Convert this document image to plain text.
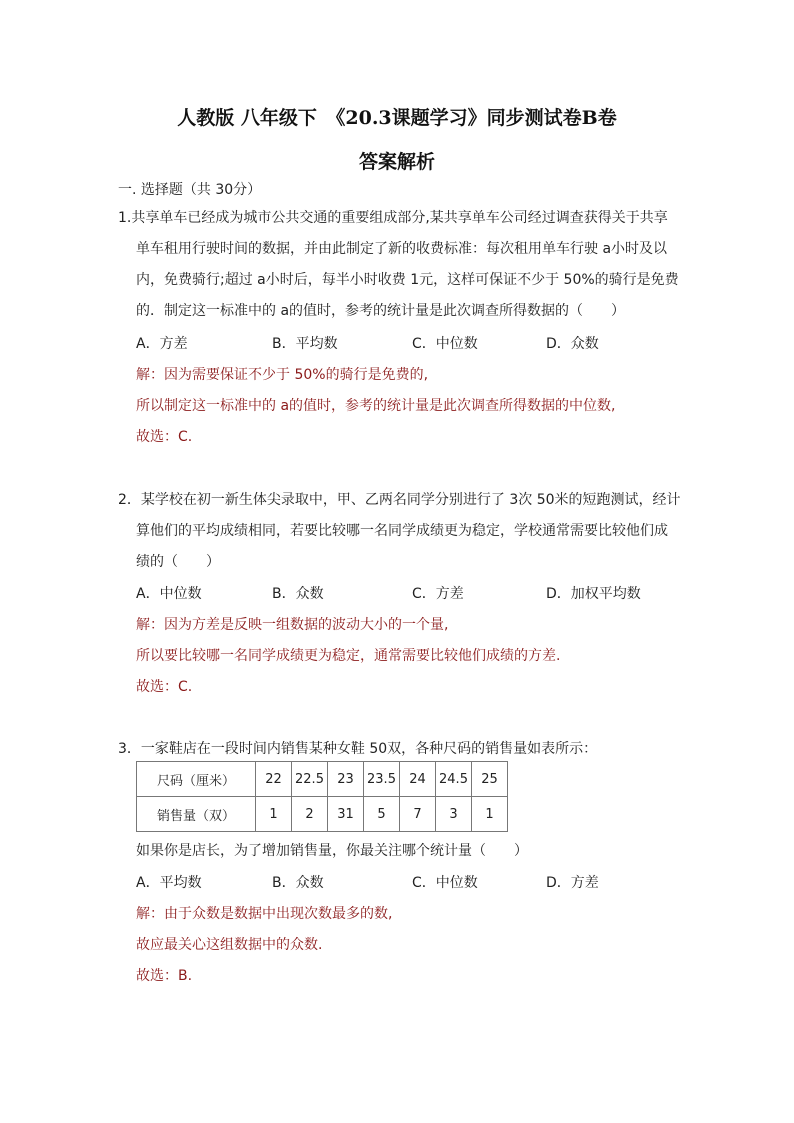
人教版 八年级下　《20.3课题学习》同步测试卷B卷
答案解析
一. 选择题（共 30分）
1.共享单车已经成为城市公共交通的重要组成部分,某共享单车公司经过调查获得关于共享
单车租用行驶时间的数据，并由此制定了新的收费标准：每次租用单车行驶 a小时及以
内，免费骑行;超过 a小时后，每半小时收费 1元，这样可保证不少于 50%的骑行是免费
的．制定这一标准中的 a的值时，参考的统计量是此次调查所得数据的（　　）
A．方差	B．平均数	C．中位数	D．众数
解：因为需要保证不少于 50%的骑行是免费的,
所以制定这一标准中的 a的值时，参考的统计量是此次调查所得数据的中位数,
故选：C.
2．某学校在初一新生体尖录取中，甲、乙两名同学分别进行了 3次 50米的短跑测试，经计
算他们的平均成绩相同，若要比较哪一名同学成绩更为稳定，学校通常需要比较他们成
绩的（　　）
A．中位数	B．众数	C．方差	D．加权平均数
解：因为方差是反映一组数据的波动大小的一个量,
所以要比较哪一名同学成绩更为稳定，通常需要比较他们成绩的方差.
故选：C.
3．一家鞋店在一段时间内销售某种女鞋 50双，各种尺码的销售量如表所示：
尺码（厘米）	22	22.5	23	23.5	24	24.5	25
销售量（双）	1	2	31	5	7	3	1
如果你是店长，为了增加销售量，你最关注哪个统计量（　　）
A．平均数	B．众数	C．中位数	D．方差
解：由于众数是数据中出现次数最多的数,
故应最关心这组数据中的众数.
故选：B.
